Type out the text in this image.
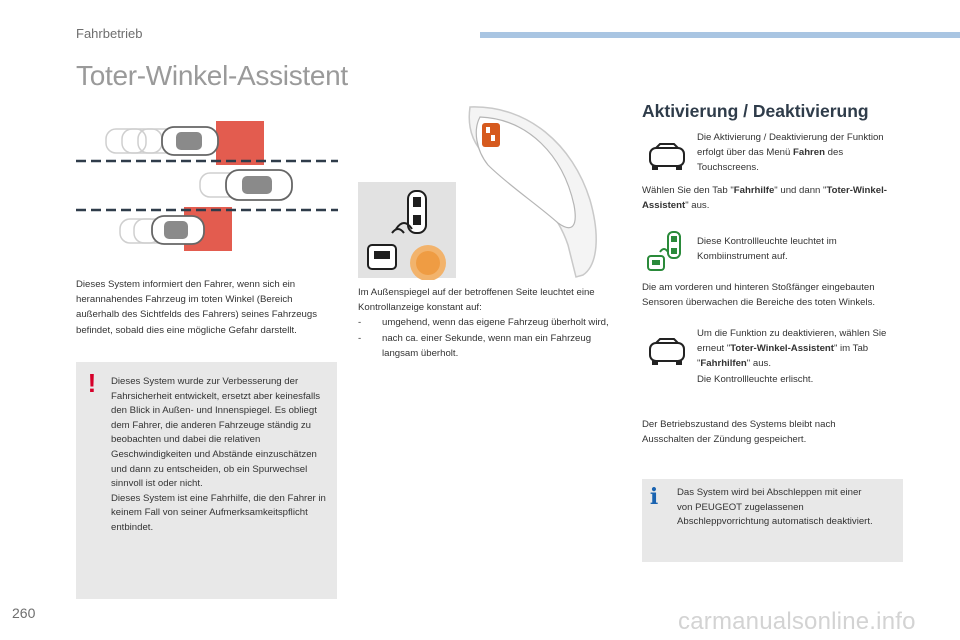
Fahrbetrieb
Toter-Winkel-Assistent

Dieses System informiert den Fahrer, wenn sich ein herannahendes Fahrzeug im toten Winkel (Bereich außerhalb des Sichtfelds des Fahrers) seines Fahrzeugs befindet, sobald dies eine mögliche Gefahr darstellt.

! Dieses System wurde zur Verbesserung der Fahrsicherheit entwickelt, ersetzt aber keinesfalls den Blick in Außen- und Innenspiegel. Es obliegt dem Fahrer, die anderen Fahrzeuge ständig zu beobachten und dabei die relativen Geschwindigkeiten und Abstände einzuschätzen und dann zu entscheiden, ob ein Spurwechsel sinnvoll ist oder nicht.

Dieses System ist eine Fahrhilfe, die den Fahrer in keinem Fall von seiner Aufmerksamkeitspflicht entbindet.

Im Außenspiegel auf der betroffenen Seite leuchtet eine Kontrollanzeige konstant auf:

- umgehend, wenn das eigene Fahrzeug überholt wird,
- nach ca. einer Sekunde, wenn man ein Fahrzeug langsam überholt.
Aktivierung / Deaktivierung

Die Aktivierung / Deaktivierung der Funktion erfolgt über das Menü Fahren des Touchscreens.

Wählen Sie den Tab "Fahrhilfe" und dann "Toter-Winkel-Assistent" aus.

Diese Kontrollleuchte leuchtet im Kombiinstrument auf.

Die am vorderen und hinteren Stoßfänger eingebauten Sensoren überwachen die Bereiche des toten Winkels.

Um die Funktion zu deaktivieren, wählen Sie erneut "Toter-Winkel-Assistent" im Tab "Fahrhilfen" aus.
Die Kontrollleuchte erlischt.

Der Betriebszustand des Systems bleibt nach Ausschalten der Zündung gespeichert.

i Das System wird bei Abschleppen mit einer von PEUGEOT zugelassenen Abschleppvorrichtung automatisch deaktiviert.

260	carmanualsonline.info
